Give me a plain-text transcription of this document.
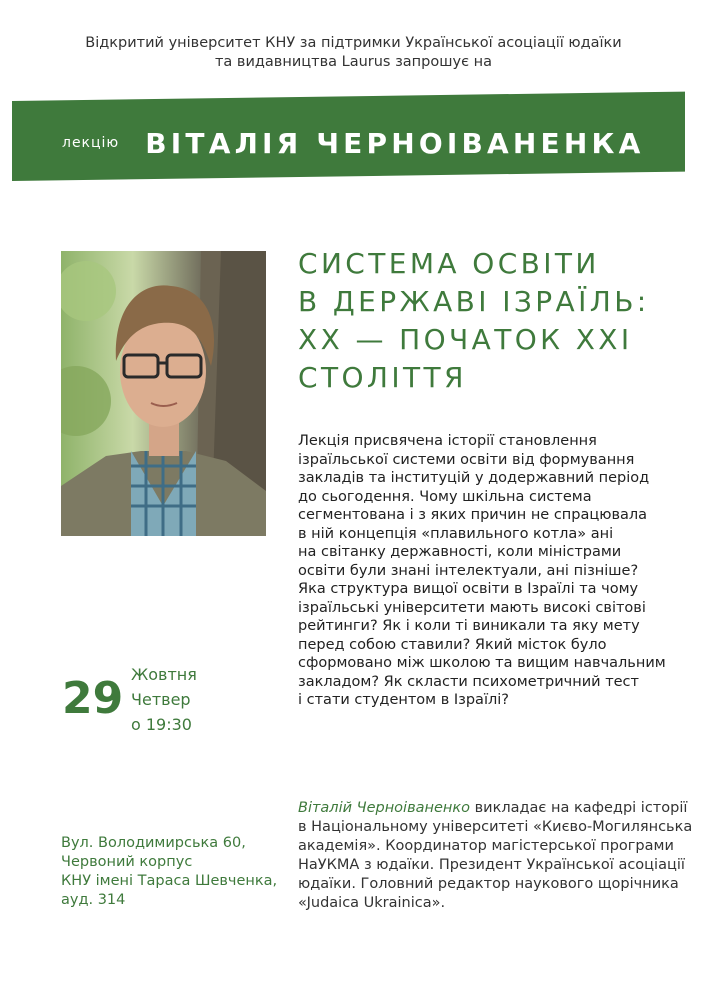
Відкритий університет КНУ за підтримки Української асоціації юдаїки
та видавництва Laurus запрошує на
лекцію ВІТАЛІЯ ЧЕРНОІВАНЕНКА
СИСТЕМА ОСВІТИ
В ДЕРЖАВІ ІЗРАЇЛЬ:
XX — ПОЧАТОК XXI
СТОЛІТТЯ
Лекція присвячена історії становлення
ізраїльської системи освіти від формування
закладів та інституцій у додержавний період
до сьогодення. Чому шкільна система
сегментована і з яких причин не спрацювала
в ній концепція «плавильного котла» ані
на світанку державності, коли міністрами
освіти були знані інтелектуали, ані пізніше?
Яка структура вищої освіти в Ізраїлі та чому
ізраїльські університети мають високі світові
рейтинги? Як і коли ті виникали та яку мету
перед собою ставили? Який місток було
сформовано між школою та вищим навчальним
закладом? Як скласти психометричний тест
і стати студентом в Ізраїлі?
29 Жовтня
Четвер
о 19:30
Вул. Володимирська 60,
Червоний корпус
КНУ імені Тараса Шевченка,
ауд. 314
Віталій Черноіваненко викладає на кафедрі історії
в Національному університеті «Києво-Могилянська
академія». Координатор магістерської програми
НаУКМА з юдаїки. Президент Української асоціації
юдаїки. Головний редактор наукового щорічника
«Judaica Ukrainica».
